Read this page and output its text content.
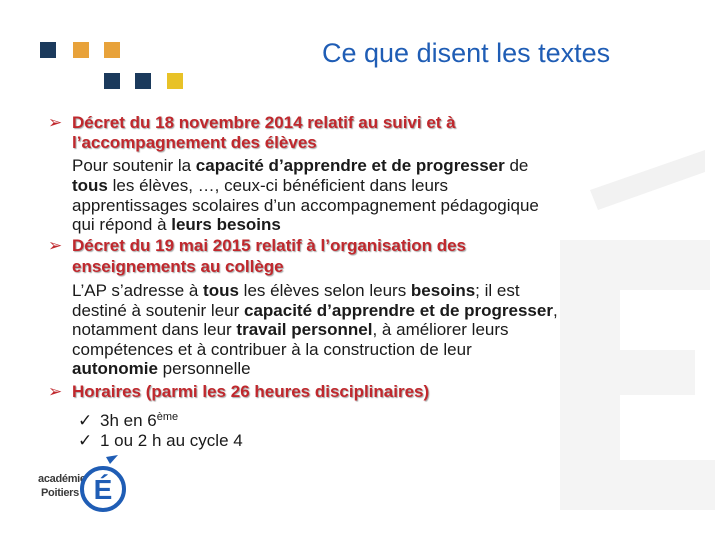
Ce que disent les textes
➢ Décret du 18 novembre 2014 relatif au suivi et à
l’accompagnement des élèves
Pour soutenir la capacité d’apprendre et de progresser de
tous les élèves, …, ceux-ci bénéficient dans leurs
apprentissages scolaires d’un accompagnement pédagogique
qui répond à leurs besoins
➢ Décret du 19 mai 2015 relatif à l’organisation des
enseignements au collège
L’AP s’adresse à tous les élèves selon leurs besoins; il est
destiné à soutenir leur capacité d’apprendre et de progresser,
notamment dans leur travail personnel, à améliorer leurs
compétences et à contribuer à la construction de leur
autonomie personnelle
➢ Horaires (parmi les 26 heures disciplinaires)
✓ 3h en 6ème
✓ 1 ou 2 h au cycle 4
académie
Poitiers É
